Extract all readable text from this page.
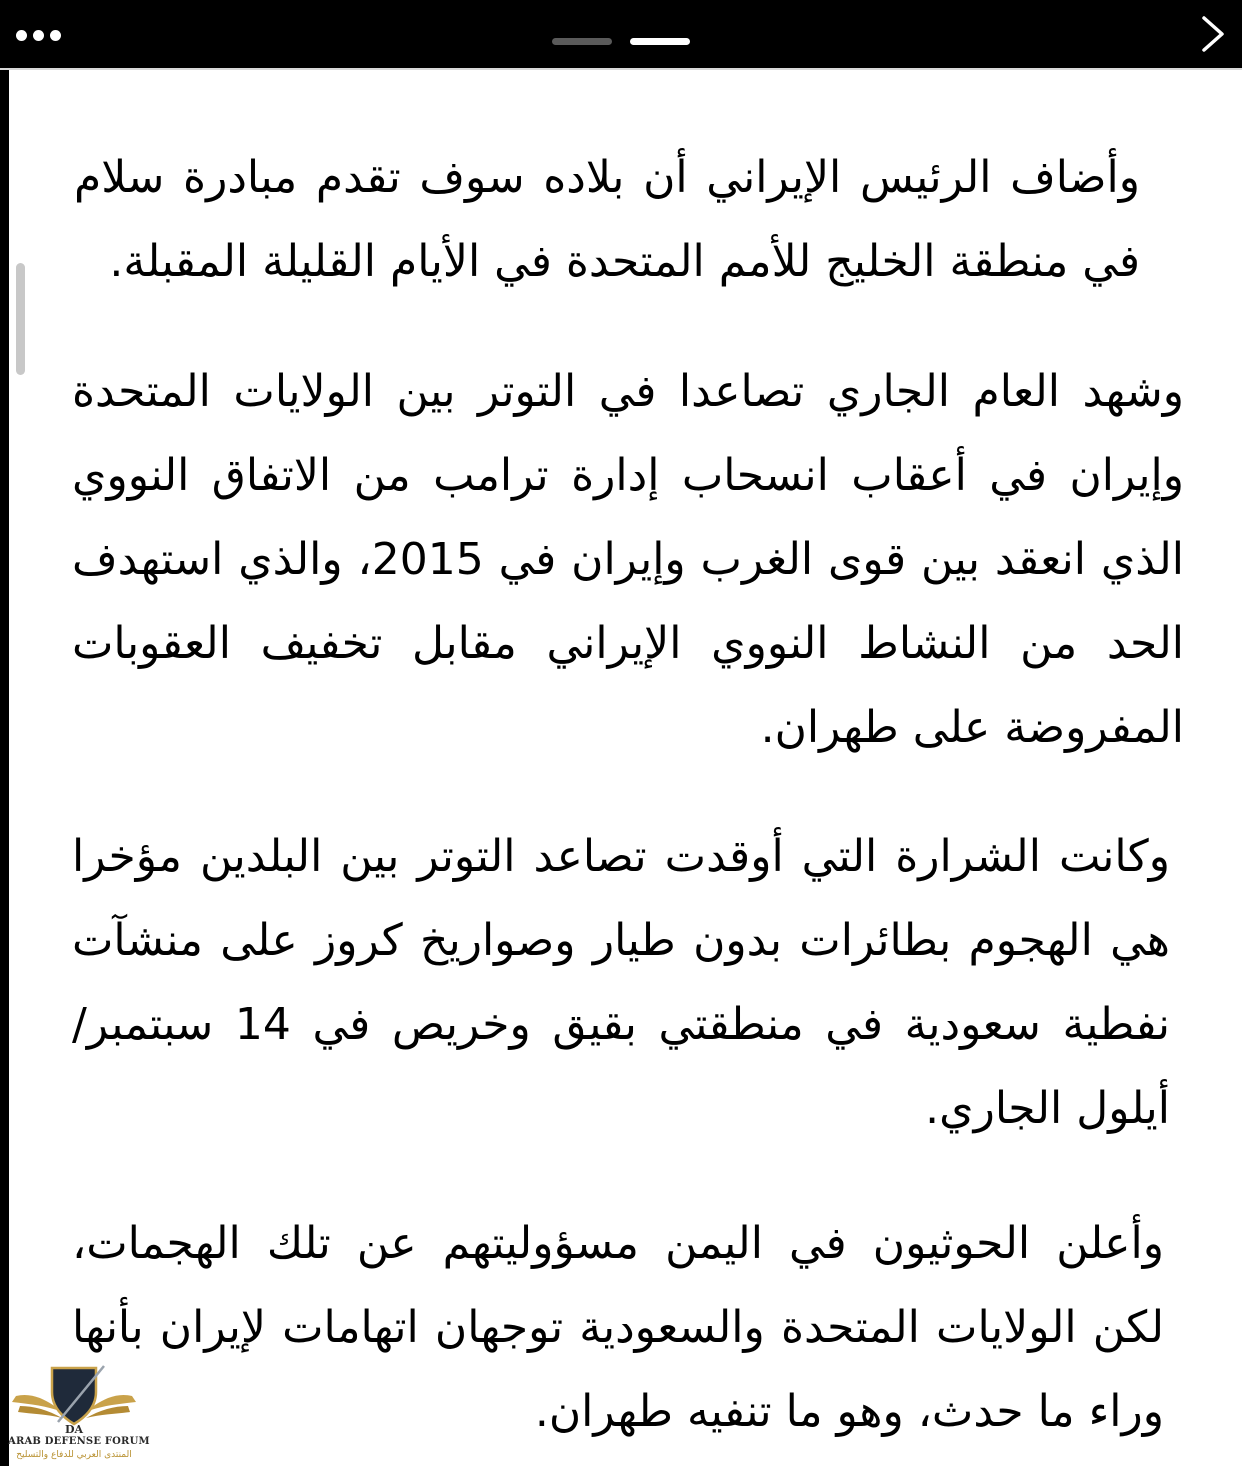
وأضاف الرئيس الإيراني أن بلاده سوف تقدم مبادرة سلام في منطقة الخليج للأمم المتحدة في الأيام القليلة المقبلة.

وشهد العام الجاري تصاعدا في التوتر بين الولايات المتحدة وإيران في أعقاب انسحاب إدارة ترامب من الاتفاق النووي الذي انعقد بين قوى الغرب وإيران في 2015، والذي استهدف الحد من النشاط النووي الإيراني مقابل تخفيف العقوبات المفروضة على طهران.

وكانت الشرارة التي أوقدت تصاعد التوتر بين البلدين مؤخرا هي الهجوم بطائرات بدون طيار وصواريخ كروز على منشآت نفطية سعودية في منطقتي بقيق وخريص في 14 سبتمبر/ أيلول الجاري.

وأعلن الحوثيون في اليمن مسؤوليتهم عن تلك الهجمات، لكن الولايات المتحدة والسعودية توجهان اتهامات لإيران بأنها وراء ما حدث، وهو ما تنفيه طهران.

DA
ARAB DEFENSE FORUM
المنتدى العربي للدفاع والتسليح
